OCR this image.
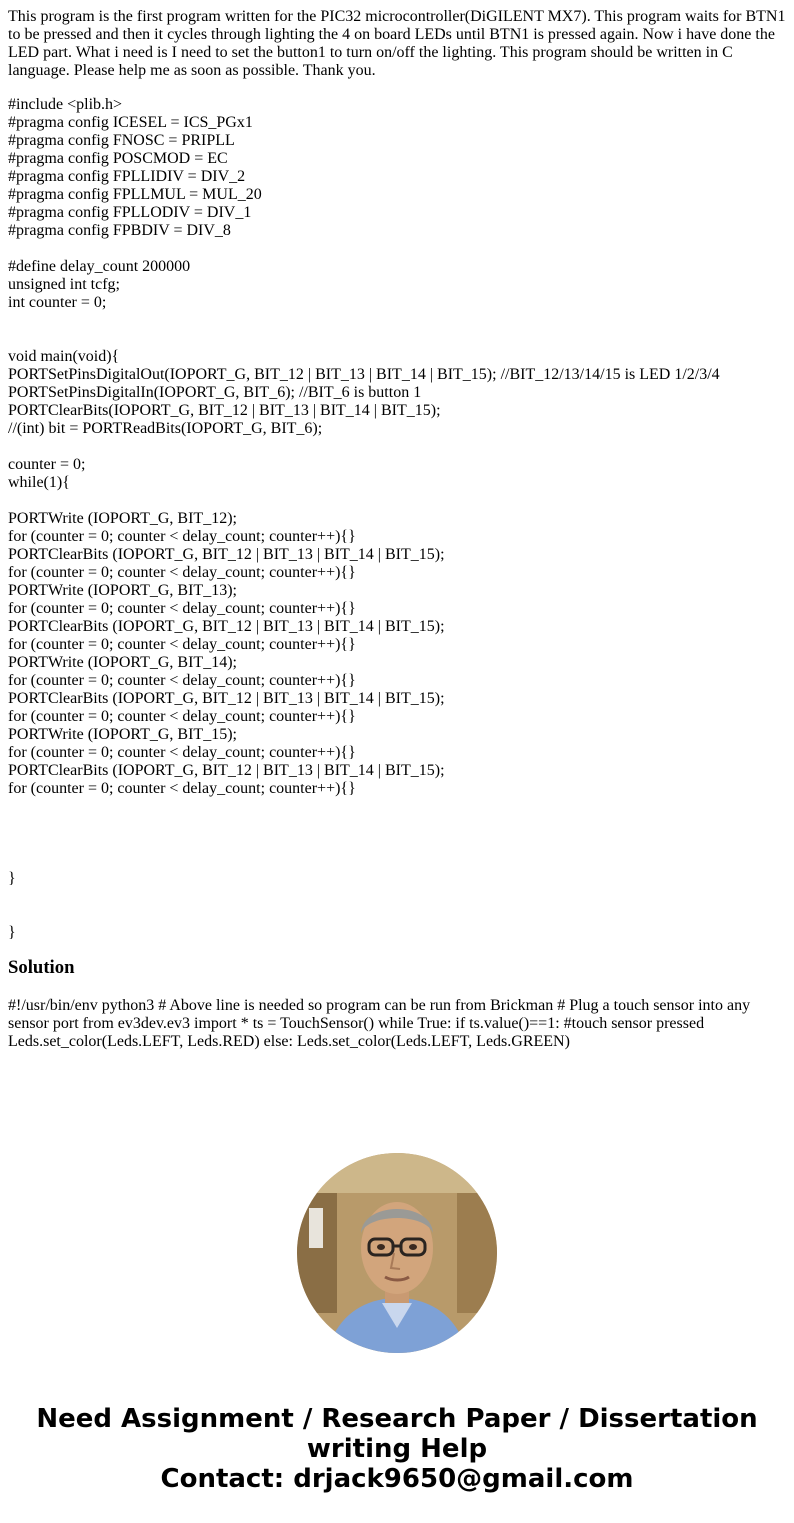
This program is the first program written for the PIC32 microcontroller(DiGILENT MX7). This program waits for BTN1 to be pressed and then it cycles through lighting the 4 on board LEDs until BTN1 is pressed again. Now i have done the LED part. What i need is I need to set the button1 to turn on/off the lighting. This program should be written in C language. Please help me as soon as possible. Thank you.

#include <plib.h>
#pragma config ICESEL = ICS_PGx1
#pragma config FNOSC = PRIPLL
#pragma config POSCMOD = EC
#pragma config FPLLIDIV = DIV_2
#pragma config FPLLMUL = MUL_20
#pragma config FPLLODIV = DIV_1
#pragma config FPBDIV = DIV_8

#define delay_count 200000
unsigned int tcfg;
int counter = 0;

void main(void){
PORTSetPinsDigitalOut(IOPORT_G, BIT_12 | BIT_13 | BIT_14 | BIT_15); //BIT_12/13/14/15 is LED 1/2/3/4
PORTSetPinsDigitalIn(IOPORT_G, BIT_6); //BIT_6 is button 1
PORTClearBits(IOPORT_G, BIT_12 | BIT_13 | BIT_14 | BIT_15);
//(int) bit = PORTReadBits(IOPORT_G, BIT_6);

counter = 0;
while(1){

PORTWrite (IOPORT_G, BIT_12);
for (counter = 0; counter < delay_count; counter++){}
PORTClearBits (IOPORT_G, BIT_12 | BIT_13 | BIT_14 | BIT_15);
for (counter = 0; counter < delay_count; counter++){}
PORTWrite (IOPORT_G, BIT_13);
for (counter = 0; counter < delay_count; counter++){}
PORTClearBits (IOPORT_G, BIT_12 | BIT_13 | BIT_14 | BIT_15);
for (counter = 0; counter < delay_count; counter++){}
PORTWrite (IOPORT_G, BIT_14);
for (counter = 0; counter < delay_count; counter++){}
PORTClearBits (IOPORT_G, BIT_12 | BIT_13 | BIT_14 | BIT_15);
for (counter = 0; counter < delay_count; counter++){}
PORTWrite (IOPORT_G, BIT_15);
for (counter = 0; counter < delay_count; counter++){}
PORTClearBits (IOPORT_G, BIT_12 | BIT_13 | BIT_14 | BIT_15);
for (counter = 0; counter < delay_count; counter++){}

}

}
Solution

#!/usr/bin/env python3 # Above line is needed so program can be run from Brickman # Plug a touch sensor into any sensor port from ev3dev.ev3 import * ts = TouchSensor() while True: if ts.value()==1: #touch sensor pressed Leds.set_color(Leds.LEFT, Leds.RED) else: Leds.set_color(Leds.LEFT, Leds.GREEN)

Need Assignment / Research Paper / Dissertation
writing Help
Contact: drjack9650@gmail.com
